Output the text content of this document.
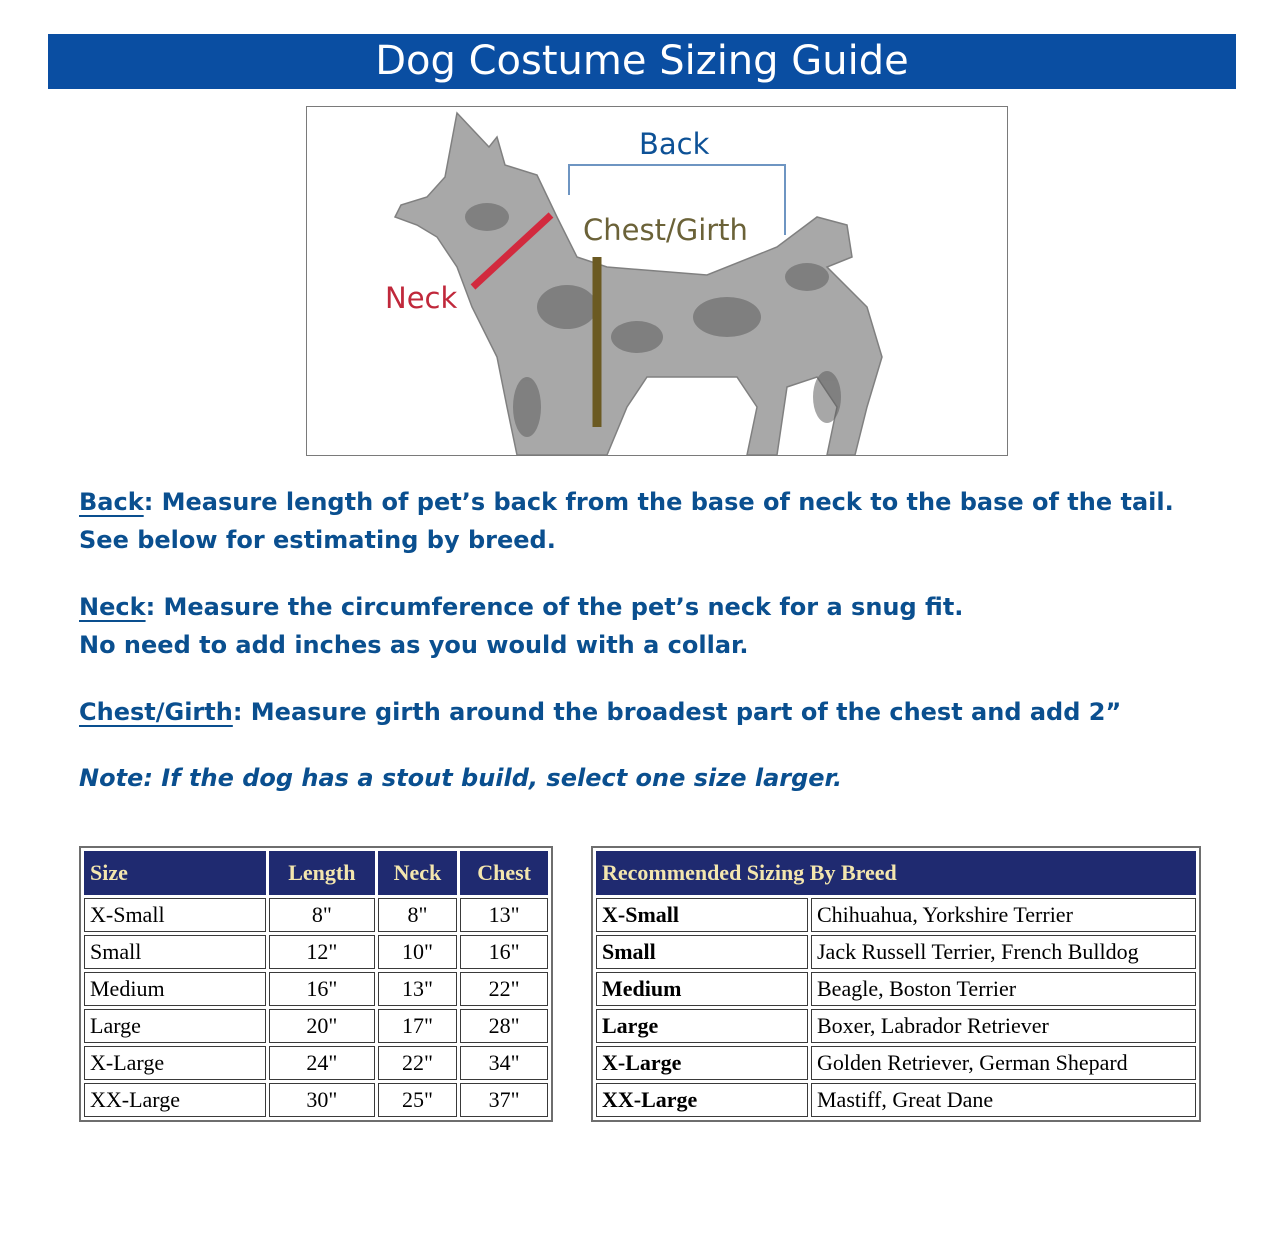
Dog Costume Sizing Guide
Back
Chest/Girth
Neck
Back: Measure length of pet’s back from the base of neck to the base of the tail.
See below for estimating by breed.
Neck: Measure the circumference of the pet’s neck for a snug fit.
No need to add inches as you would with a collar.
Chest/Girth: Measure girth around the broadest part of the chest and add 2”
Note: If the dog has a stout build, select one size larger.
Size	Length	Neck	Chest
X-Small	8"	8"	13"
Small	12"	10"	16"
Medium	16"	13"	22"
Large	20"	17"	28"
X-Large	24"	22"	34"
XX-Large	30"	25"	37"
Recommended Sizing By Breed	
X-Small	Chihuahua, Yorkshire Terrier
Small	Jack Russell Terrier, French Bulldog
Medium	Beagle, Boston Terrier
Large	Boxer, Labrador Retriever
X-Large	Golden Retriever, German Shepard
XX-Large	Mastiff, Great Dane
